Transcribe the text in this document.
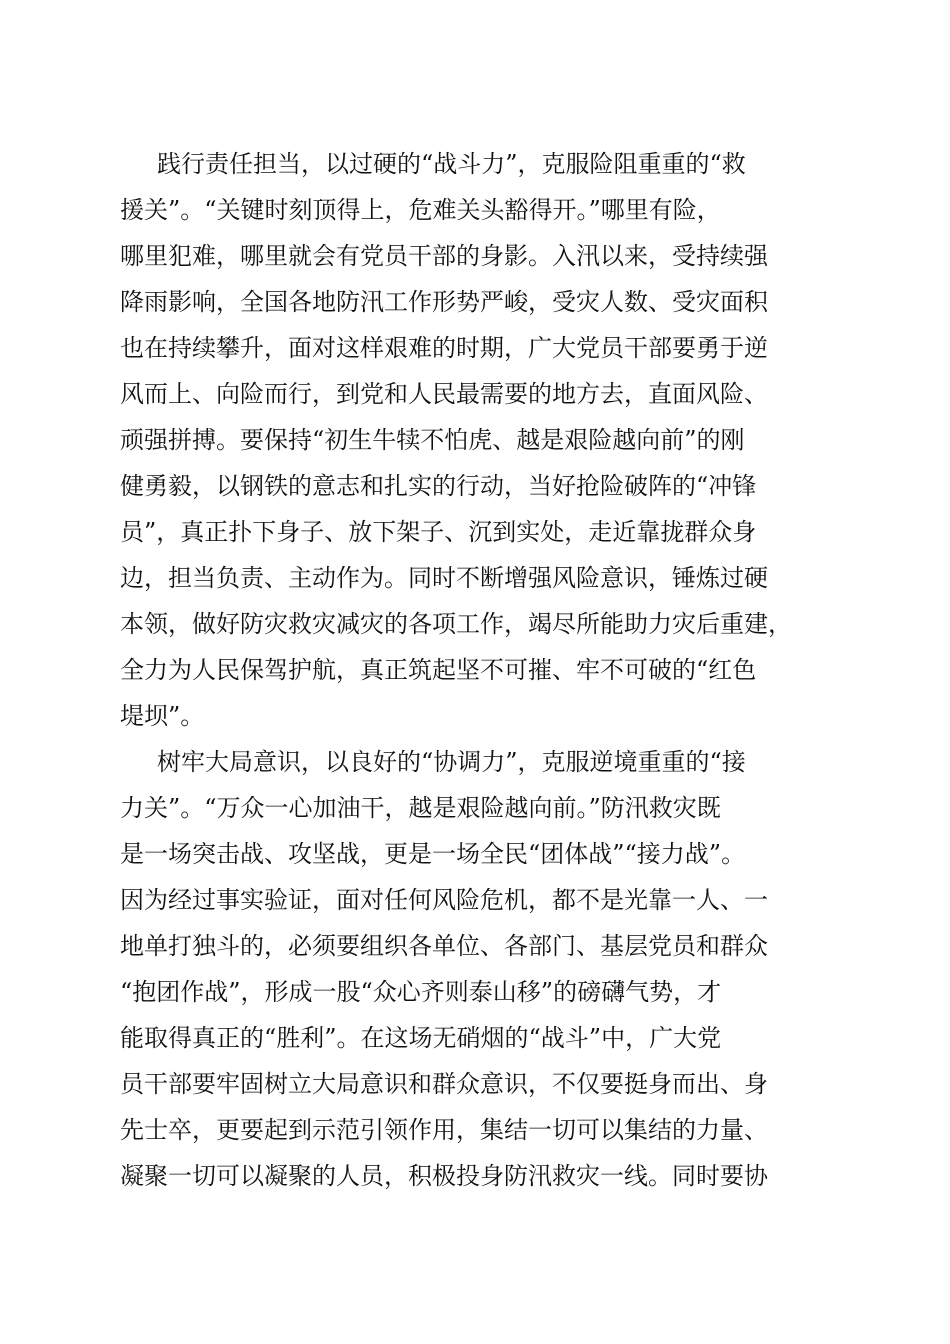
践行责任担当，以过硬的“战斗力”，克服险阻重重的“救
援关”。“关键时刻顶得上，危难关头豁得开。”哪里有险，
哪里犯难，哪里就会有党员干部的身影。入汛以来，受持续强
降雨影响，全国各地防汛工作形势严峻，受灾人数、受灾面积
也在持续攀升，面对这样艰难的时期，广大党员干部要勇于逆
风而上、向险而行，到党和人民最需要的地方去，直面风险、
顽强拼搏。要保持“初生牛犊不怕虎、越是艰险越向前”的刚
健勇毅，以钢铁的意志和扎实的行动，当好抢险破阵的“冲锋
员”，真正扑下身子、放下架子、沉到实处，走近靠拢群众身
边，担当负责、主动作为。同时不断增强风险意识，锤炼过硬
本领，做好防灾救灾减灾的各项工作，竭尽所能助力灾后重建，
全力为人民保驾护航，真正筑起坚不可摧、牢不可破的“红色
堤坝”。
树牢大局意识，以良好的“协调力”，克服逆境重重的“接
力关”。“万众一心加油干，越是艰险越向前。”防汛救灾既
是一场突击战、攻坚战，更是一场全民“团体战”“接力战”。
因为经过事实验证，面对任何风险危机，都不是光靠一人、一
地单打独斗的，必须要组织各单位、各部门、基层党员和群众
“抱团作战”，形成一股“众心齐则泰山移”的磅礴气势，才
能取得真正的“胜利”。在这场无硝烟的“战斗”中，广大党
员干部要牢固树立大局意识和群众意识，不仅要挺身而出、身
先士卒，更要起到示范引领作用，集结一切可以集结的力量、
凝聚一切可以凝聚的人员，积极投身防汛救灾一线。同时要协
